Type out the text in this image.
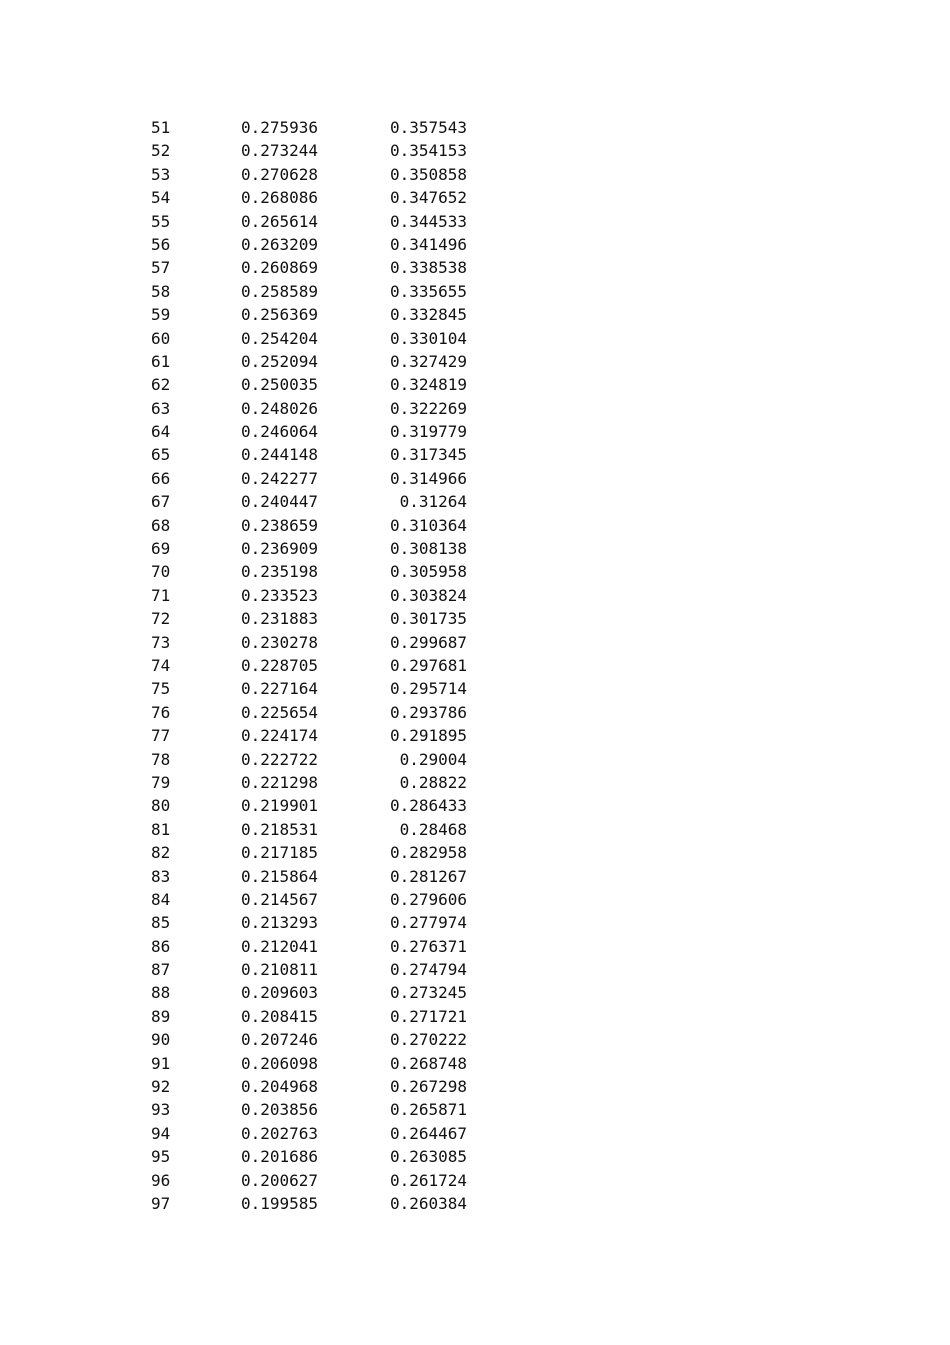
51	0.275936	0.357543
52	0.273244	0.354153
53	0.270628	0.350858
54	0.268086	0.347652
55	0.265614	0.344533
56	0.263209	0.341496
57	0.260869	0.338538
58	0.258589	0.335655
59	0.256369	0.332845
60	0.254204	0.330104
61	0.252094	0.327429
62	0.250035	0.324819
63	0.248026	0.322269
64	0.246064	0.319779
65	0.244148	0.317345
66	0.242277	0.314966
67	0.240447	0.31264
68	0.238659	0.310364
69	0.236909	0.308138
70	0.235198	0.305958
71	0.233523	0.303824
72	0.231883	0.301735
73	0.230278	0.299687
74	0.228705	0.297681
75	0.227164	0.295714
76	0.225654	0.293786
77	0.224174	0.291895
78	0.222722	0.29004
79	0.221298	0.28822
80	0.219901	0.286433
81	0.218531	0.28468
82	0.217185	0.282958
83	0.215864	0.281267
84	0.214567	0.279606
85	0.213293	0.277974
86	0.212041	0.276371
87	0.210811	0.274794
88	0.209603	0.273245
89	0.208415	0.271721
90	0.207246	0.270222
91	0.206098	0.268748
92	0.204968	0.267298
93	0.203856	0.265871
94	0.202763	0.264467
95	0.201686	0.263085
96	0.200627	0.261724
97	0.199585	0.260384
